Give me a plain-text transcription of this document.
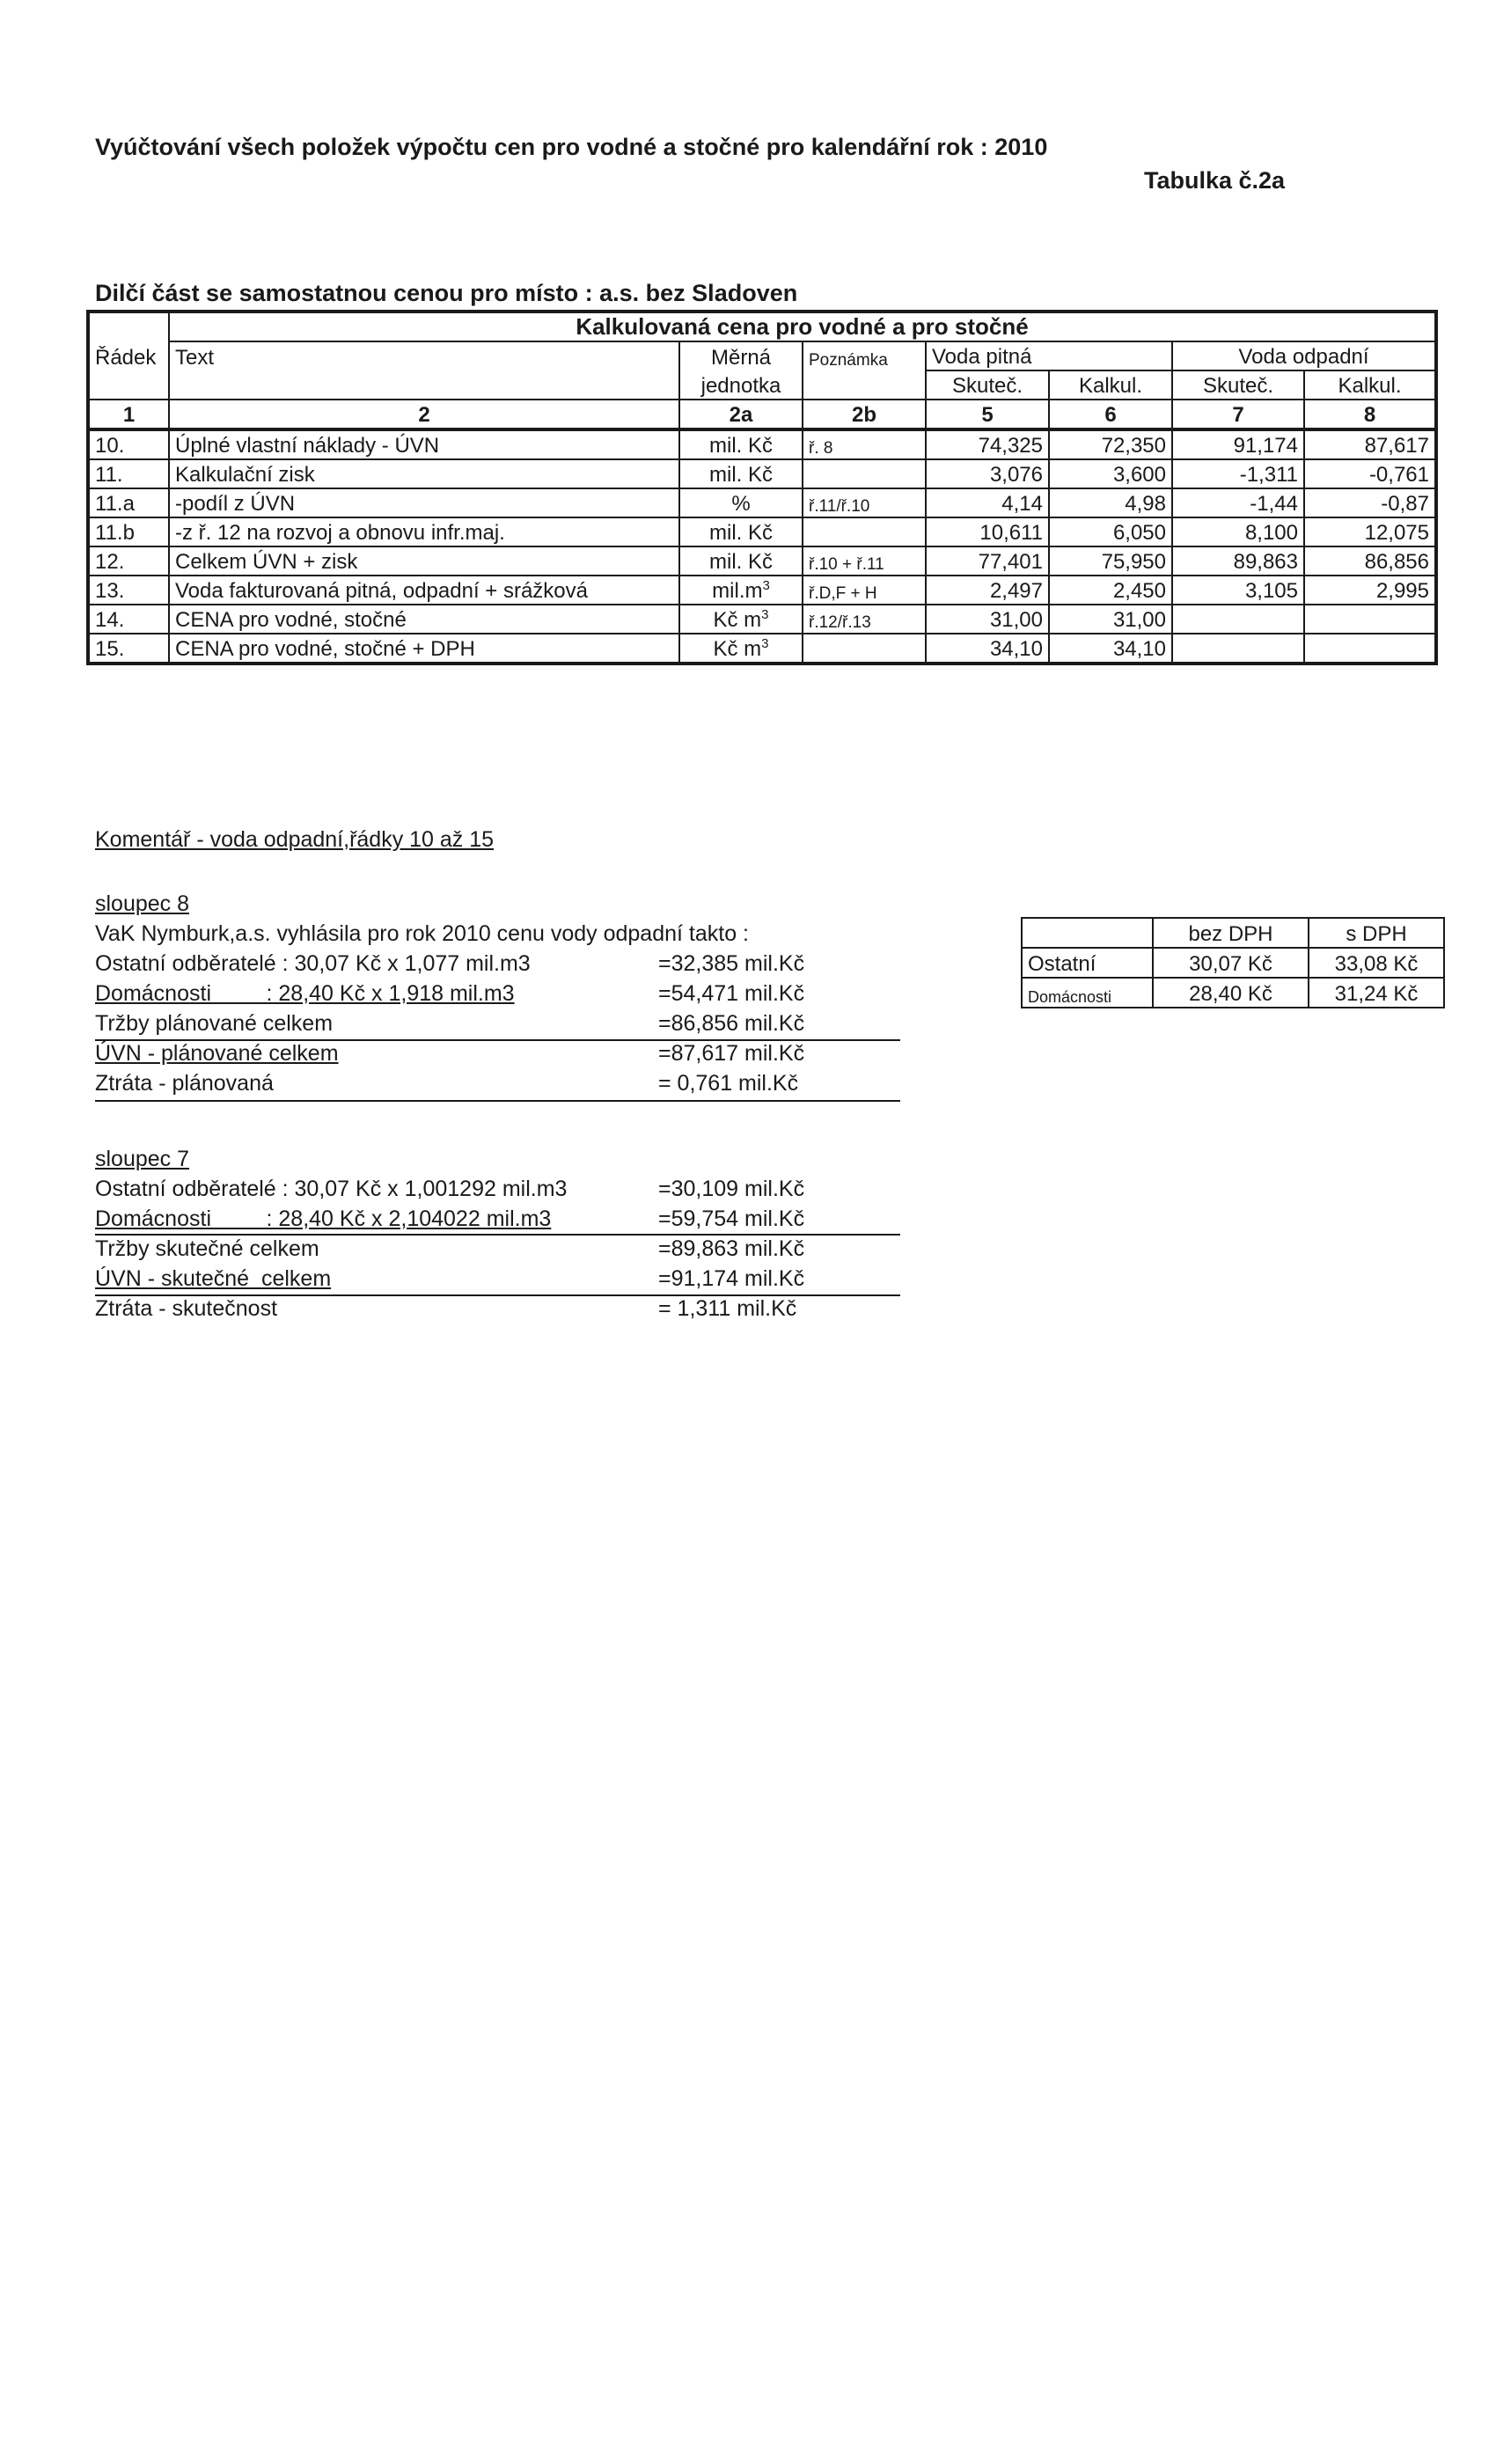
Vyúčtování všech položek výpočtu cen pro vodné a stočné pro kalendářní rok : 2010
Tabulka č.2a
Dilčí část se samostatnou cenou pro místo : a.s. bez Sladoven
	Kalkulovaná cena pro vodné a pro stočné						
Řádek	Text	Měrná	Poznámka	Voda pitná		Voda odpadní	
		jednotka		Skuteč.	Kalkul.	Skuteč.	Kalkul.
1	2	2a	2b	5	6	7	8
10.	Úplné vlastní náklady - ÚVN	mil. Kč	ř. 8	74,325	72,350	91,174	87,617
11.	Kalkulační zisk	mil. Kč		3,076	3,600	-1,311	-0,761
11.a	-podíl z ÚVN	%	ř.11/ř.10	4,14	4,98	-1,44	-0,87
11.b	-z ř. 12 na rozvoj a obnovu infr.maj.	mil. Kč		10,611	6,050	8,100	12,075
12.	Celkem ÚVN + zisk	mil. Kč	ř.10 + ř.11	77,401	75,950	89,863	86,856
13.	Voda fakturovaná pitná, odpadní + srážková	$mil.m^3$	ř.D,F + H	2,497	2,450	3,105	2,995
14.	CENA pro vodné, stočné	Kč $m^3$	ř.12/ř.13	31,00	31,00		
15.	CENA pro vodné, stočné + DPH	Kč $m^3$		34,10	34,10		
Komentář - voda odpadní,řádky 10 až 15
sloupec 8
VaK Nymburk,a.s. vyhlásila pro rok 2010 cenu vody odpadní takto :
Ostatní odběratelé : 30,07 Kč x 1,077 mil.m3	=32,385 mil.Kč
Domácnosti         : 28,40 Kč x 1,918 mil.m3	=54,471 mil.Kč
Tržby plánované celkem	=86,856 mil.Kč
ÚVN - plánované celkem	=87,617 mil.Kč
Ztráta - plánovaná	= 0,761 mil.Kč
	bez DPH	s DPH
Ostatní	30,07 Kč	33,08 Kč
Domácnosti	28,40 Kč	31,24 Kč
sloupec 7
Ostatní odběratelé : 30,07 Kč x 1,001292 mil.m3	=30,109 mil.Kč
Domácnosti         : 28,40 Kč x 2,104022 mil.m3	=59,754 mil.Kč
Tržby skutečné celkem	=89,863 mil.Kč
ÚVN - skutečné  celkem	=91,174 mil.Kč
Ztráta - skutečnost	= 1,311 mil.Kč
